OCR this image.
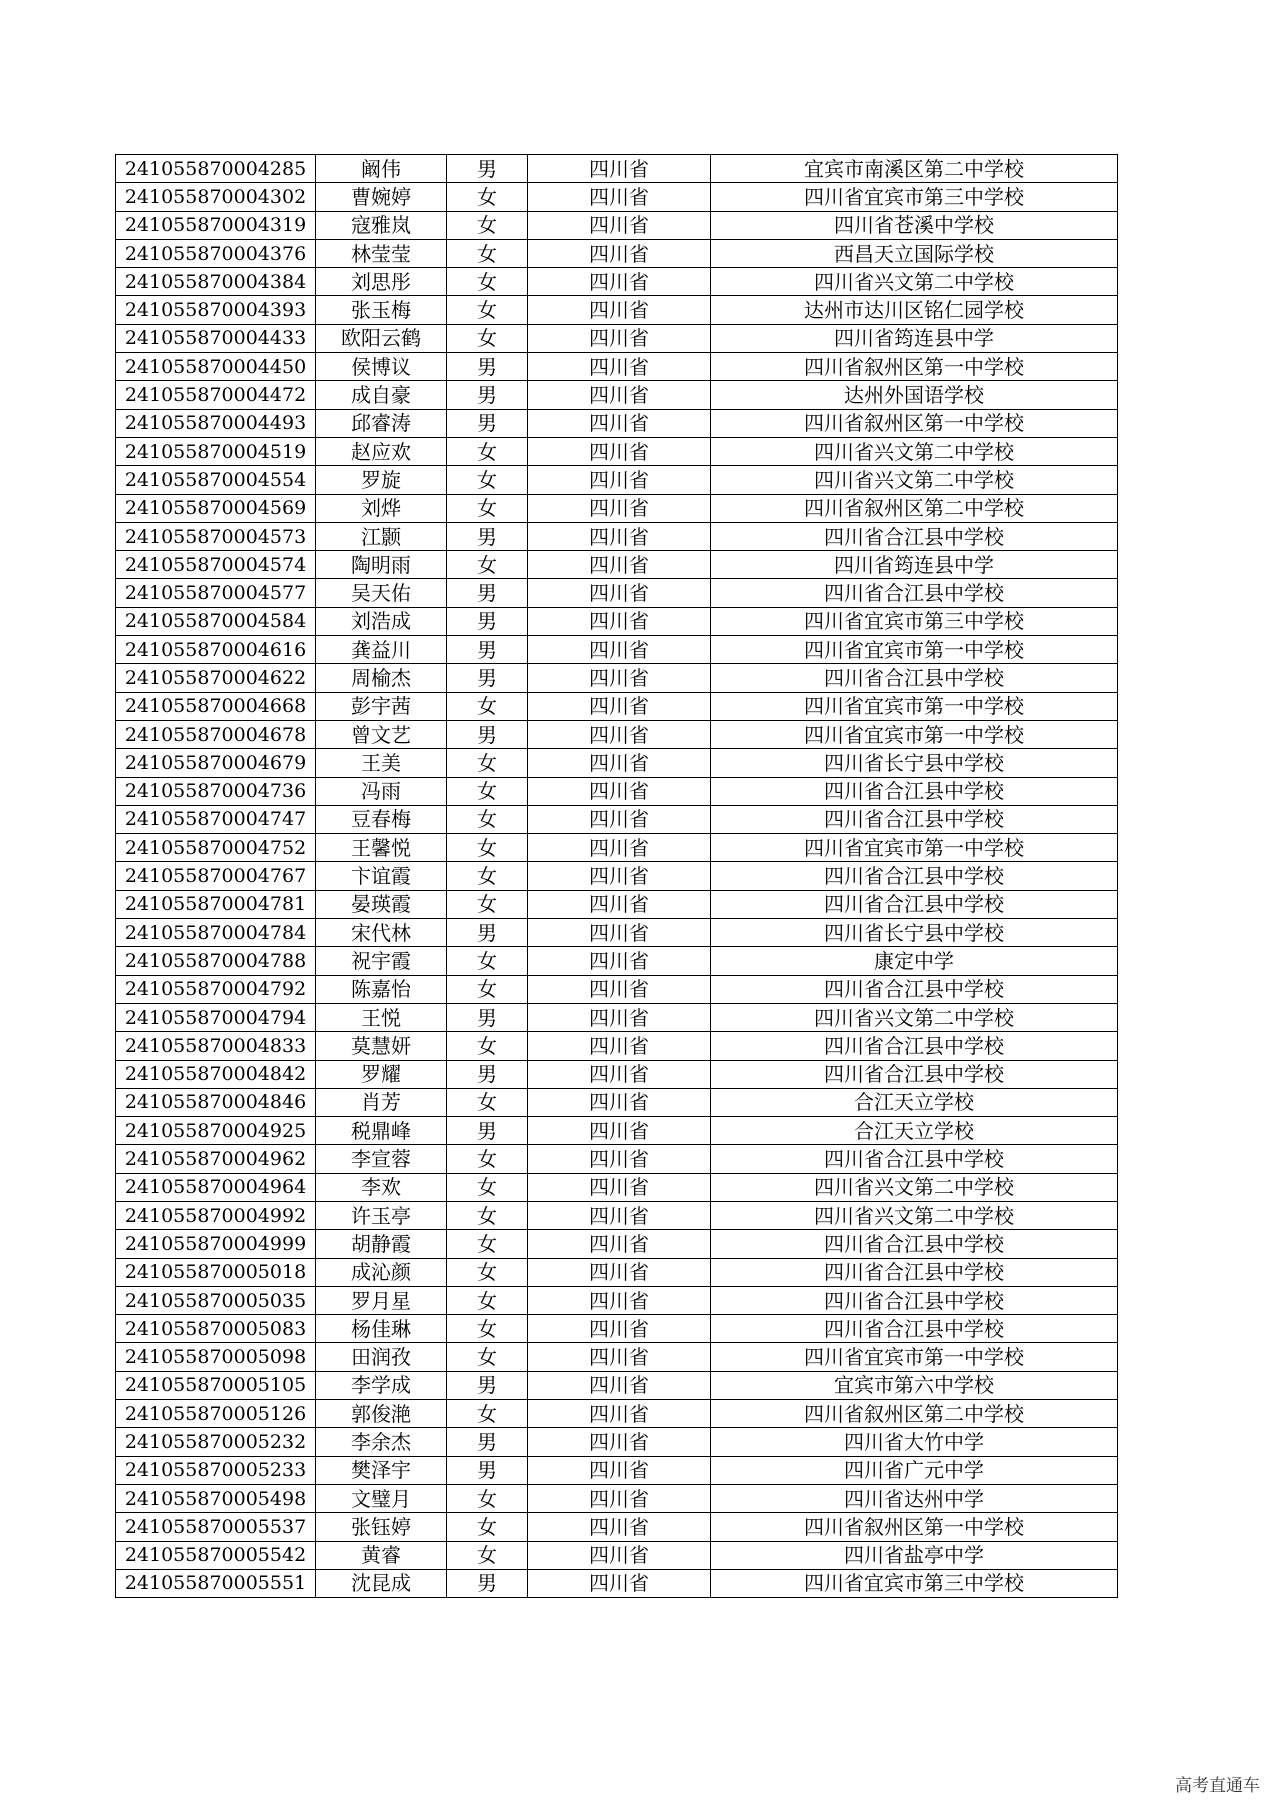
241055870004285	阚伟	男	四川省	宜宾市南溪区第二中学校
241055870004302	曹婉婷	女	四川省	四川省宜宾市第三中学校
241055870004319	寇雅岚	女	四川省	四川省苍溪中学校
241055870004376	林莹莹	女	四川省	西昌天立国际学校
241055870004384	刘思彤	女	四川省	四川省兴文第二中学校
241055870004393	张玉梅	女	四川省	达州市达川区铭仁园学校
241055870004433	欧阳云鹤	女	四川省	四川省筠连县中学
241055870004450	侯博议	男	四川省	四川省叙州区第一中学校
241055870004472	成自豪	男	四川省	达州外国语学校
241055870004493	邱睿涛	男	四川省	四川省叙州区第一中学校
241055870004519	赵应欢	女	四川省	四川省兴文第二中学校
241055870004554	罗旋	女	四川省	四川省兴文第二中学校
241055870004569	刘烨	女	四川省	四川省叙州区第二中学校
241055870004573	江颢	男	四川省	四川省合江县中学校
241055870004574	陶明雨	女	四川省	四川省筠连县中学
241055870004577	吴天佑	男	四川省	四川省合江县中学校
241055870004584	刘浩成	男	四川省	四川省宜宾市第三中学校
241055870004616	龚益川	男	四川省	四川省宜宾市第一中学校
241055870004622	周榆杰	男	四川省	四川省合江县中学校
241055870004668	彭宇茜	女	四川省	四川省宜宾市第一中学校
241055870004678	曾文艺	男	四川省	四川省宜宾市第一中学校
241055870004679	王美	女	四川省	四川省长宁县中学校
241055870004736	冯雨	女	四川省	四川省合江县中学校
241055870004747	豆春梅	女	四川省	四川省合江县中学校
241055870004752	王馨悦	女	四川省	四川省宜宾市第一中学校
241055870004767	卞谊霞	女	四川省	四川省合江县中学校
241055870004781	晏瑛霞	女	四川省	四川省合江县中学校
241055870004784	宋代林	男	四川省	四川省长宁县中学校
241055870004788	祝宇霞	女	四川省	康定中学
241055870004792	陈嘉怡	女	四川省	四川省合江县中学校
241055870004794	王悦	男	四川省	四川省兴文第二中学校
241055870004833	莫慧妍	女	四川省	四川省合江县中学校
241055870004842	罗耀	男	四川省	四川省合江县中学校
241055870004846	肖芳	女	四川省	合江天立学校
241055870004925	税鼎峰	男	四川省	合江天立学校
241055870004962	李宣蓉	女	四川省	四川省合江县中学校
241055870004964	李欢	女	四川省	四川省兴文第二中学校
241055870004992	许玉亭	女	四川省	四川省兴文第二中学校
241055870004999	胡静霞	女	四川省	四川省合江县中学校
241055870005018	成沁颜	女	四川省	四川省合江县中学校
241055870005035	罗月星	女	四川省	四川省合江县中学校
241055870005083	杨佳琳	女	四川省	四川省合江县中学校
241055870005098	田润孜	女	四川省	四川省宜宾市第一中学校
241055870005105	李学成	男	四川省	宜宾市第六中学校
241055870005126	郭俊滟	女	四川省	四川省叙州区第二中学校
241055870005232	李余杰	男	四川省	四川省大竹中学
241055870005233	樊泽宇	男	四川省	四川省广元中学
241055870005498	文璧月	女	四川省	四川省达州中学
241055870005537	张钰婷	女	四川省	四川省叙州区第一中学校
241055870005542	黄睿	女	四川省	四川省盐亭中学
241055870005551	沈昆成	男	四川省	四川省宜宾市第三中学校
高考直通车
